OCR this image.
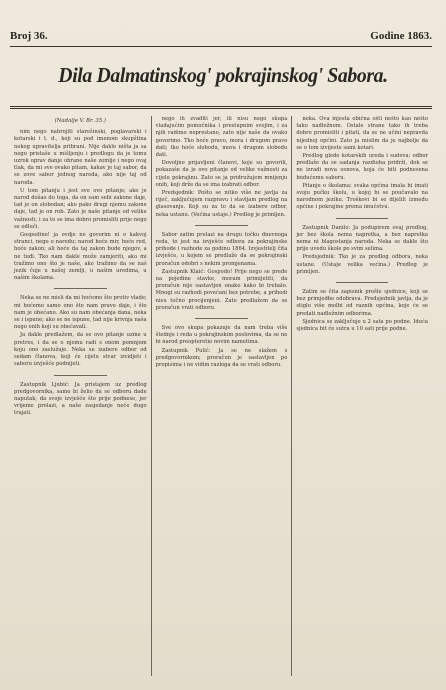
Broj 36.	Godine 1863.
Dila Dalmatinskog' pokrajinskog' Sabora.

(Nadalje V. Br. 35.)

nim nego nabrojiti starešinski, poglavarski i kotarski i t. d., koji su pod imenom skupština nekog upravitelja pribrani. Nije dakle ništa ja sa nego pristaše u mišljenju i predlogu da je tomu uzrok oprav danje obrane naše zemlje i nego ovaj tlak, da mi sve ovako pitam, kakav je taj sabor, da se zove sabor jednog naroda, ako nije taj od naroda.

U tom pitanju i jest sve ovo pitanje; ako je narod došao do toga, da on sam sebi zakone daje, tad je on slobodan; ako pako drugi njemu zakone daje, tad je on rob. Zato je naše pitanje od velike važnosti, i za to se ima dobro promisliti prije nego se odluči.

Gospodine! ja ovdje ne govorim ni o kakvoj stranci, nego o narodu; narod hoće mir, hoće red, hoće zakon; ali hoće da taj zakon bude njegov, a ne tuđi. Tko nam dakle može zamjeriti, ako mi tražimo ono što je naše, ako tražimo da se naš jezik čuje u našoj zemlji, u našim uredima, u našim školama.

Neka se ne misli da mi hoćemo što protiv vlade; mi hoćemo samo ono što nam pravo daje, i što nam je obećano. Ako su nam obećanja dana, neka se i ispune; ako se ne ispune, tad nije krivnja naša nego onih koji su obećavali.

Ja dakle predlažem, da se ovo pitanje uzme u pretres, i da se o njemu radi s onom pomnjom koju ono zaslužuje. Neka se izabere odbor od sedam članova, koji će cijelu stvar izvidjeti i saboru izvješće podnijeti.

Zastupnik Ljubić: Ja pristajem uz predlog predgovornika, samo bi želio da se odboru dade naputak, da svoje izvješće što prije podnese, jer vrijeme prolazi, a naše zasjedanje neće dugo trajati.

nego ih zvaditi jer, ili nisu nego skupa vladajućim pomoćnika i prestupnim svojim, i za njih radimo neprestano, zato nije naše da ovako govorimo. Tko hoće pravo, mora i drugom pravo dati; tko hoće slobodu, mora i drugom slobodu dati.

Dovoljno prijavljeni članovi, koje su govorili, pokazaše da je ovo pitanje od velike važnosti za cijelu pokrajinu. Zato se ja pridružujem mnijenju onih, koji drže da se ima izabrati odbor.

Predsjednik: Pošto se nitko više ne javlja za riječ, zaključujem razpravu i stavljam predlog na glasovanje. Koji su za to da se izabere odbor, neka ustanu. (Većina ustaje.) Predlog je primljen.

Sabor zatim prelazi na drugu točku dnevnoga reda, to jest na izvješće odbora za pokrajinske prihode i razhode za godinu 1864. Izvjestitelj čita izvješće, u kojem se predlaže da se pokrajinski proračun odobri s nekim promjenama.

Zastupnik Klaić: Gospodo! Prije nego se pređe na pojedine stavke, moram primijetiti, da proračun nije sastavljen onako kako bi trebalo. Mnogi su razhodi povećani bez potrebe, a prihodi nisu točno procijenjeni. Zato predlažem da se proračun vrati odboru.

Sve ovo skupa pokazuje da nam treba više štednje i reda u pokrajinskim poslovima, da se ne bi narod preopteretio novim nametima.

Zastupnik Pulić: Ja se ne slažem s predgovornikom; proračun je sastavljen po propisima i ne vidim razloga da se vrati odboru.

neka. Ova mjesta obična ošti nešto kao nešto tako nadležnom. Ostale strane tako ih treba dobro promisliti i pitati, da se ne učini nepravda nijednoj općini. Zato ja mislim da je najbolje da se o tom izvijeste sami kotari.

Predlog glede kotarskih ureda i sudova: odbor predlaže da se sadanja razdioba pridrži, dok se ne izradi nova osnova, koja će biti podnesena budućemu saboru.

Pitanje o školama: svaka općina imala bi imati svoju pučku školu, u kojoj bi se poučavalo na narodnom jeziku. Troškovi bi se dijelili između općine i pokrajine prema imućstvu.

Zastupnik Danilo: Ja podupirem ovaj predlog, jer bez škola nema napretka, a bez napretka nema ni blagostanja naroda. Neka se dakle što prije uvedu škole po svim selima.

Predsjednik: Tko je za predlog odbora, neka ustane. (Ustaje velika većina.) Predlog je primljen.

Zatim se čita zapisnik prošle sjednice, koji se bez primjedbe odobrava. Predsjednik javlja, da je stiglo više molbi od raznih općina, koje će se predati nadležnim odborima.

Sjednica se zaključuje u 2 sata po podne. Iduća sjednica bit će sutra u 10 sati prije podne.
